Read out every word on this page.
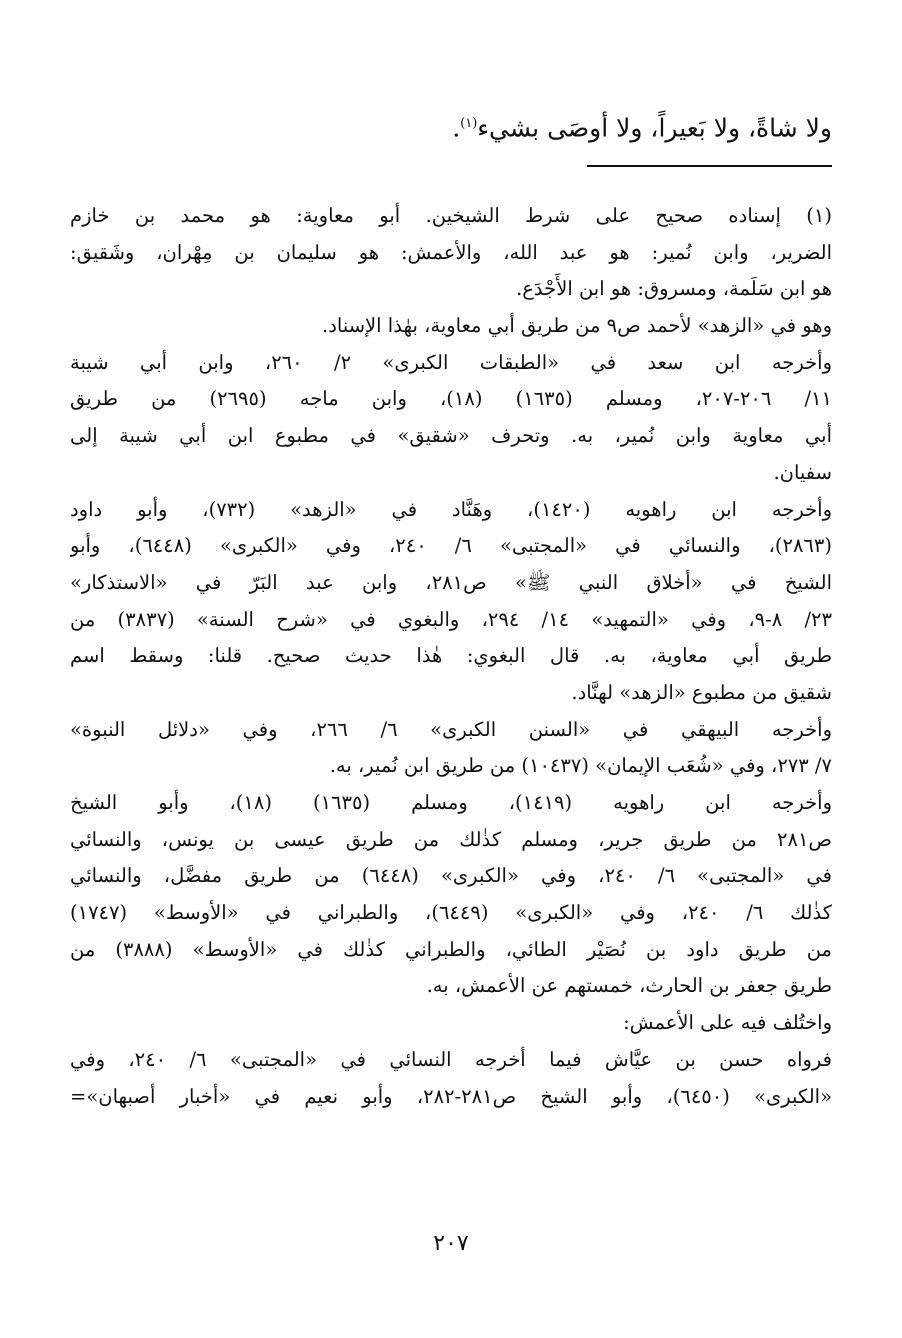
ولا شاةً، ولا بَعيراً، ولا أوصَى بشيء$^{(١)}$.
(١) إسناده صحيح على شرط الشيخين. أبو معاوية: هو محمد بن خازم
الضرير، وابن نُمير: هو عبد الله، والأعمش: هو سليمان بن مِهْران، وشَقيق:
هو ابن سَلَمة، ومسروق: هو ابن الأَجْدَع.
وهو في «الزهد» لأحمد ص٩ من طريق أبي معاوية، بهٰذا الإسناد.
وأخرجه ابن سعد في «الطبقات الكبرى» ٢/ ٢٦٠، وابن أبي شيبة
١١/ ٢٠٦-٢٠٧، ومسلم (١٦٣٥) (١٨)، وابن ماجه (٢٦٩٥) من طريق
أبي معاوية وابن نُمير، به. وتحرف «شقيق» في مطبوع ابن أبي شيبة إلى
سفيان.
وأخرجه ابن راهويه (١٤٢٠)، وهَنَّاد في «الزهد» (٧٣٢)، وأبو داود
(٢٨٦٣)، والنسائي في «المجتبى» ٦/ ٢٤٠، وفي «الكبرى» (٦٤٤٨)، وأبو
الشيخ في «أخلاق النبي ﷺ» ص٢٨١، وابن عبد البَرّ في «الاستذكار»
٢٣/ ٨-٩، وفي «التمهيد» ١٤/ ٢٩٤، والبغوي في «شرح السنة» (٣٨٣٧) من
طريق أبي معاوية، به. قال البغوي: هٰذا حديث صحيح. قلنا: وسقط اسم
شقيق من مطبوع «الزهد» لهنَّاد.
وأخرجه البيهقي في «السنن الكبرى» ٦/ ٢٦٦، وفي «دلائل النبوة»
٧/ ٢٧٣، وفي «شُعَب الإيمان» (١٠٤٣٧) من طريق ابن نُمير، به.
وأخرجه ابن راهويه (١٤١٩)، ومسلم (١٦٣٥) (١٨)، وأبو الشيخ
ص٢٨١ من طريق جرير، ومسلم كذٰلك من طريق عيسى بن يونس، والنسائي
في «المجتبى» ٦/ ٢٤٠، وفي «الكبرى» (٦٤٤٨) من طريق مفضَّل، والنسائي
كذٰلك ٦/ ٢٤٠، وفي «الكبرى» (٦٤٤٩)، والطبراني في «الأوسط» (١٧٤٧)
من طريق داود بن نُصَيْر الطائي، والطبراني كذٰلك في «الأوسط» (٣٨٨٨) من
طريق جعفر بن الحارث، خمستهم عن الأعمش، به.
واختُلف فيه على الأعمش:
فرواه حسن بن عيَّاش فيما أخرجه النسائي في «المجتبى» ٦/ ٢٤٠، وفي
«الكبرى» (٦٤٥٠)، وأبو الشيخ ص٢٨١-٢٨٢، وأبو نعيم في «أخبار أصبهان»=
٢٠٧
